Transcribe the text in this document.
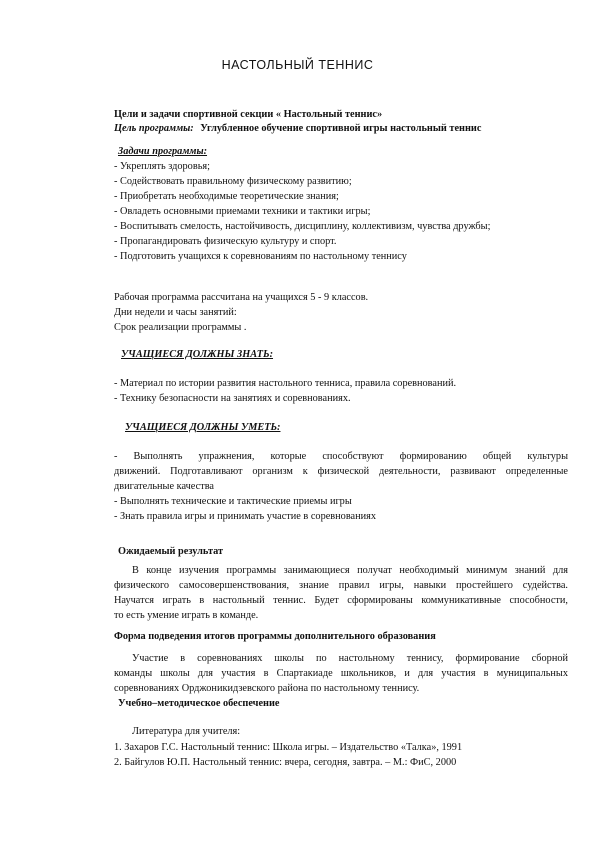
НАСТОЛЬНЫЙ ТЕННИС
Цели и задачи спортивной секции « Настольный теннис»
Цель программы: Углубленное обучение спортивной игры настольный теннис
Задачи программы:
- Укреплять здоровья;
- Содействовать правильному физическому развитию;
- Приобретать необходимые теоретические знания;
- Овладеть основными приемами техники и тактики игры;
- Воспитывать смелость, настойчивость, дисциплину, коллективизм, чувства дружбы;
- Пропагандировать физическую культуру и спорт.
- Подготовить учащихся к соревнованиям по настольному теннису
Рабочая программа рассчитана на учащихся 5 - 9 классов.
Дни недели и часы занятий:
Срок реализации программы .
УЧАЩИЕСЯ ДОЛЖНЫ ЗНАТЬ:
- Материал по истории развития настольного тенниса, правила соревнований.
- Технику безопасности на занятиях и соревнованиях.
УЧАЩИЕСЯ ДОЛЖНЫ УМЕТЬ:
- Выполнять упражнения, которые способствуют формированию общей культуры
движений. Подготавливают организм к физической деятельности, развивают определенные
двигательные качества
- Выполнять технические и тактические приемы игры
- Знать правила игры и принимать участие в соревнованиях
Ожидаемый результат
В конце изучения программы занимающиеся получат необходимый минимум знаний для
физического самосовершенствования, знание правил игры, навыки простейшего судейства.
Научатся играть в настольный теннис. Будет сформированы коммуникативные способности,
то есть умение играть в команде.
Форма подведения итогов программы дополнительного образования
Участие в соревнованиях школы по настольному теннису, формирование сборной
команды школы для участия в Спартакиаде школьников, и для участия в муниципальных
соревнованиях Орджоникидзевского района по настольному теннису.
Учебно–методическое обеспечение
Литература для учителя:
1. Захаров Г.С. Настольный теннис: Школа игры. – Издательство «Талка», 1991
2. Байгулов Ю.П. Настольный теннис: вчера, сегодня, завтра. – М.: ФиС, 2000
